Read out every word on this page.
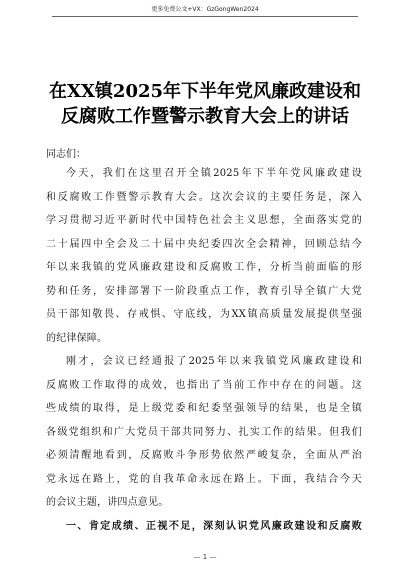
更多免费公文+VX：GzGongWen2024
在XX镇2025年下半年党风廉政建设和
反腐败工作暨警示教育大会上的讲话
同志们：
今天，我们在这里召开全镇2025年下半年党风廉政建设
和反腐败工作暨警示教育大会。这次会议的主要任务是，深入
学习贯彻习近平新时代中国特色社会主义思想，全面落实党的
二十届四中全会及二十届中央纪委四次全会精神，回顾总结今
年以来我镇的党风廉政建设和反腐败工作，分析当前面临的形
势和任务，安排部署下一阶段重点工作，教育引导全镇广大党
员干部知敬畏、存戒惧、守底线，为XX镇高质量发展提供坚强
的纪律保障。
刚才，会议已经通报了2025年以来我镇党风廉政建设和
反腐败工作取得的成效，也指出了当前工作中存在的问题。这
些成绩的取得，是上级党委和纪委坚强领导的结果，也是全镇
各级党组织和广大党员干部共同努力、扎实工作的结果。但我们
必须清醒地看到，反腐败斗争形势依然严峻复杂，全面从严治
党永远在路上，党的自我革命永远在路上。下面，我结合今天
的会议主题，讲四点意见。
一、肯定成绩、正视不足，深刻认识党风廉政建设和反腐败
— 1 —
